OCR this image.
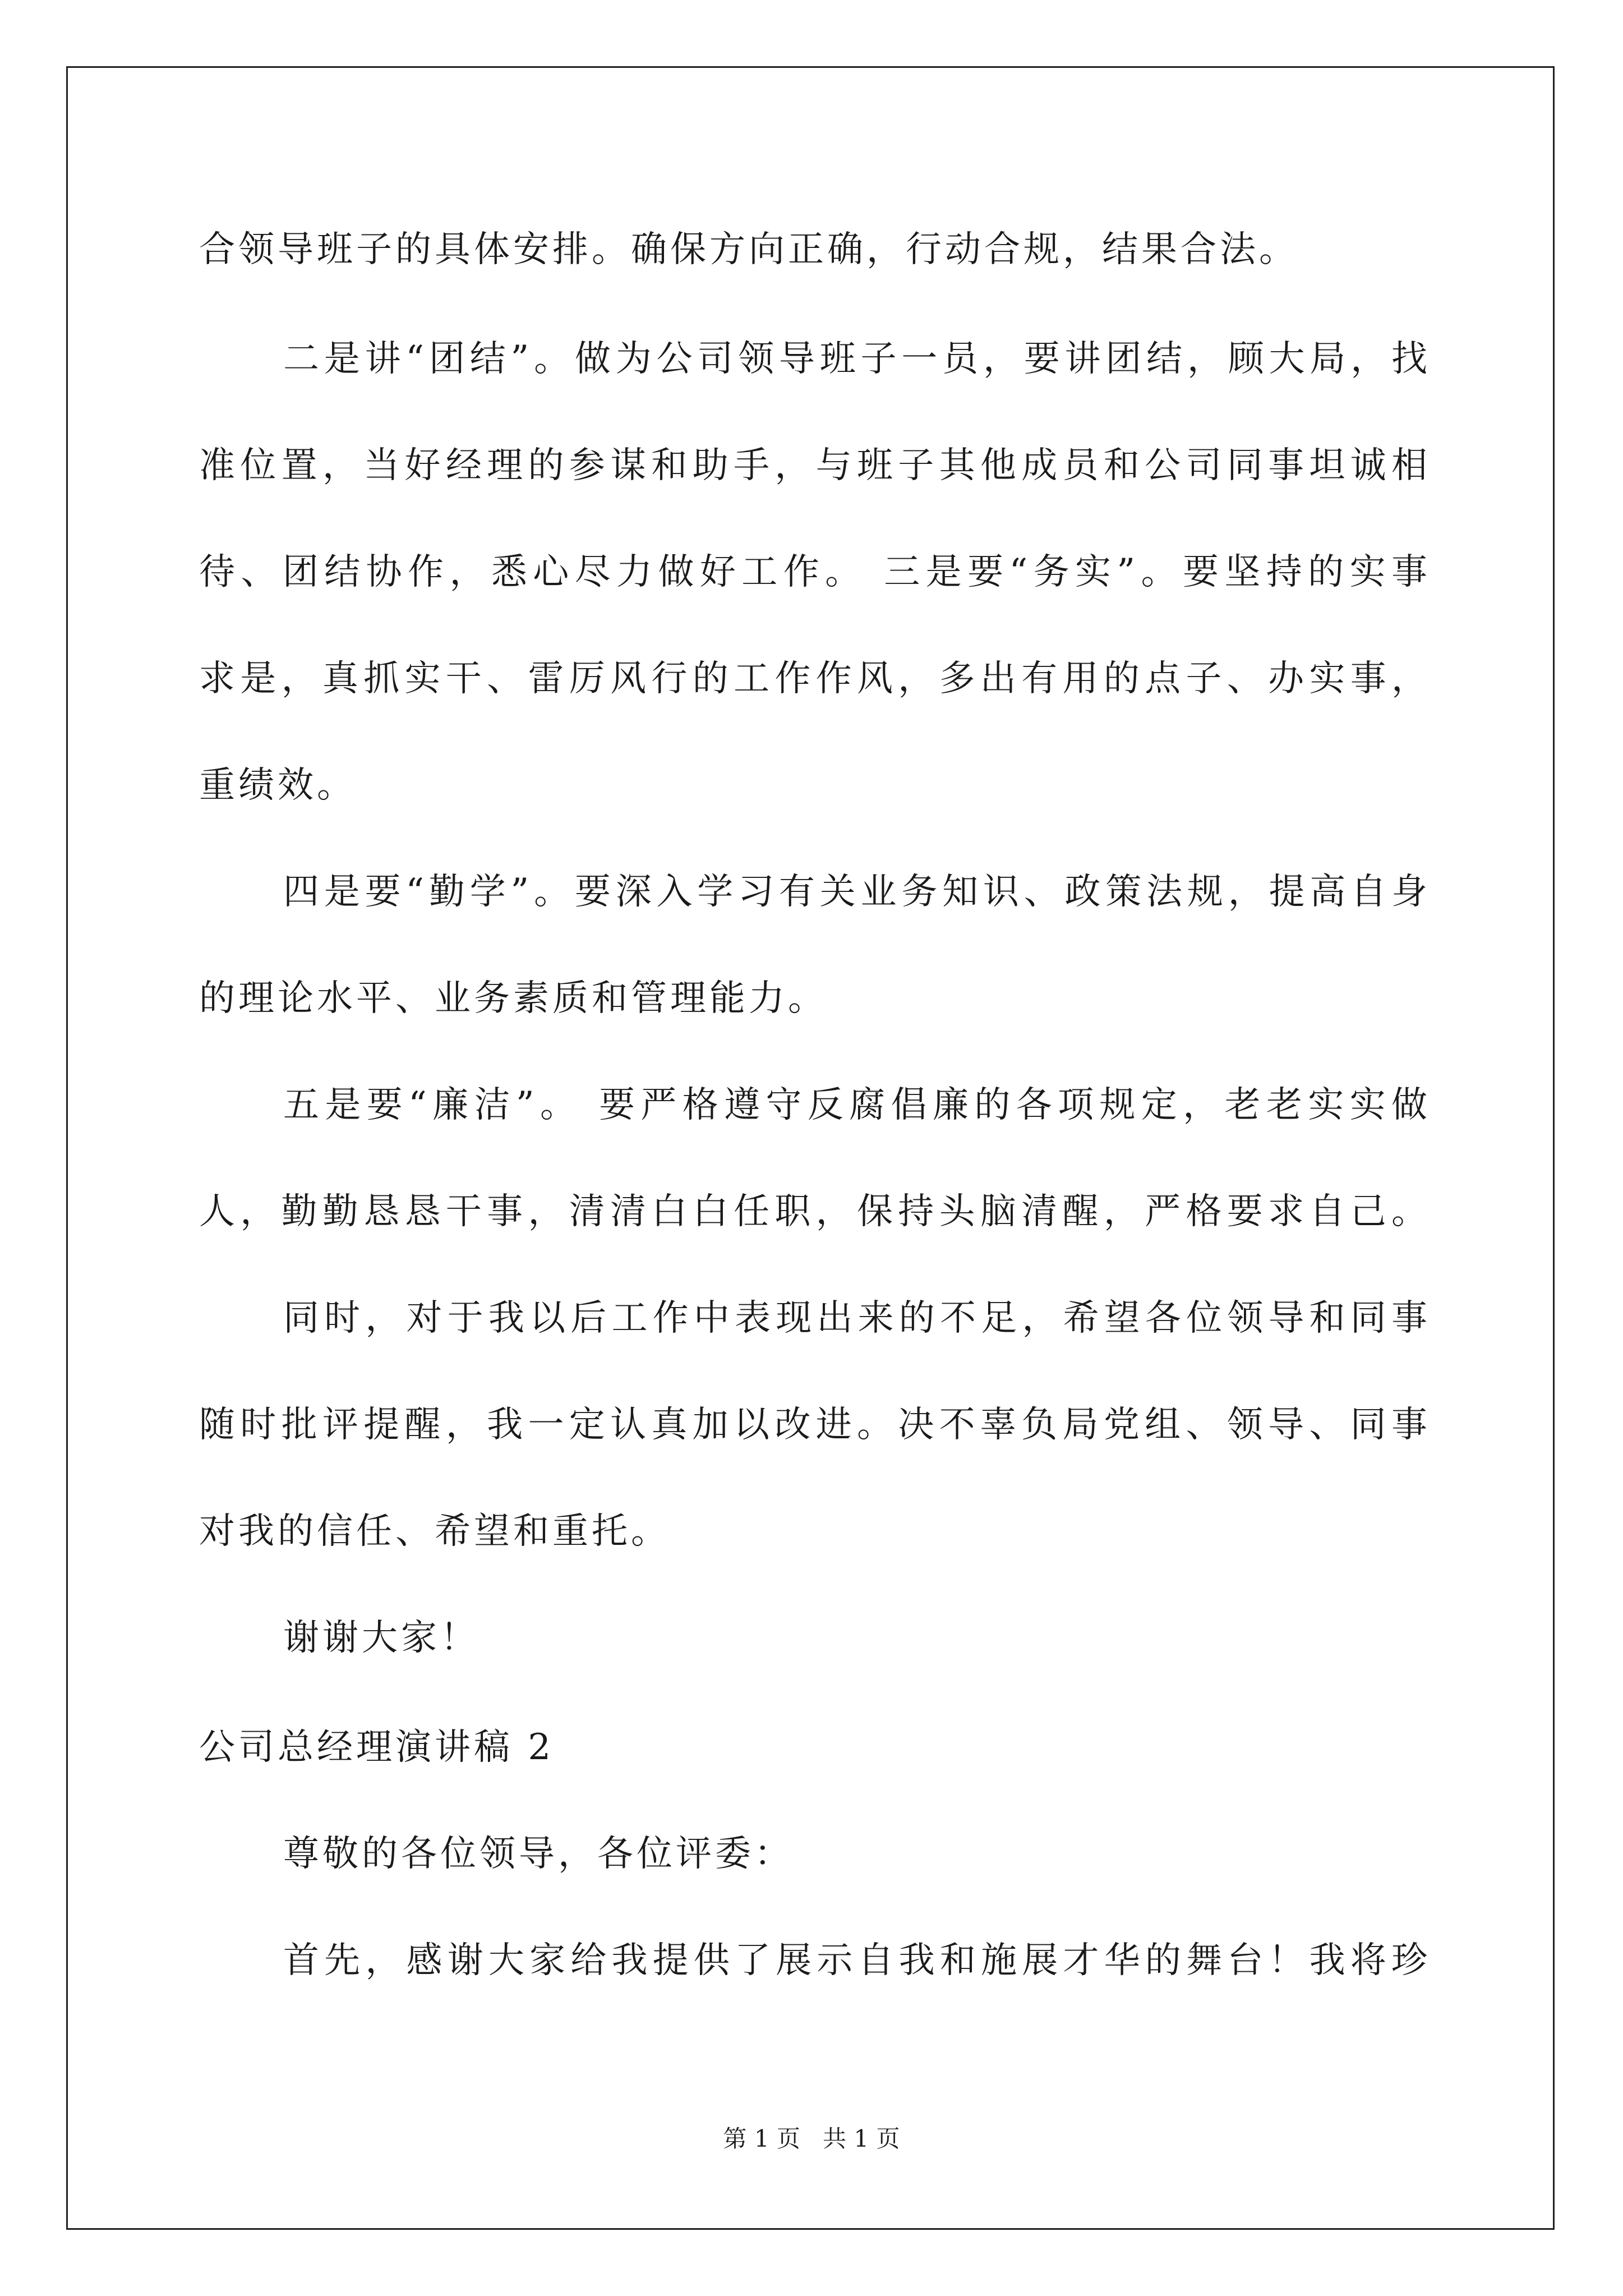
合领导班子的具体安排。确保方向正确，行动合规，结果合法。
二是讲“团结”。做为公司领导班子一员，要讲团结，顾大局，找
准位置，当好经理的参谋和助手，与班子其他成员和公司同事坦诚相
待、团结协作，悉心尽力做好工作。 三是要“务实”。要坚持的实事
求是，真抓实干、雷厉风行的工作作风，多出有用的点子、办实事，
重绩效。
四是要“勤学”。要深入学习有关业务知识、政策法规，提高自身
的理论水平、业务素质和管理能力。
五是要“廉洁”。 要严格遵守反腐倡廉的各项规定，老老实实做
人，勤勤恳恳干事，清清白白任职，保持头脑清醒，严格要求自己。
同时，对于我以后工作中表现出来的不足，希望各位领导和同事
随时批评提醒，我一定认真加以改进。决不辜负局党组、领导、同事
对我的信任、希望和重托。
谢谢大家！
公司总经理演讲稿 2
尊敬的各位领导，各位评委：
首先，感谢大家给我提供了展示自我和施展才华的舞台！我将珍
第 1 页   共 1 页
